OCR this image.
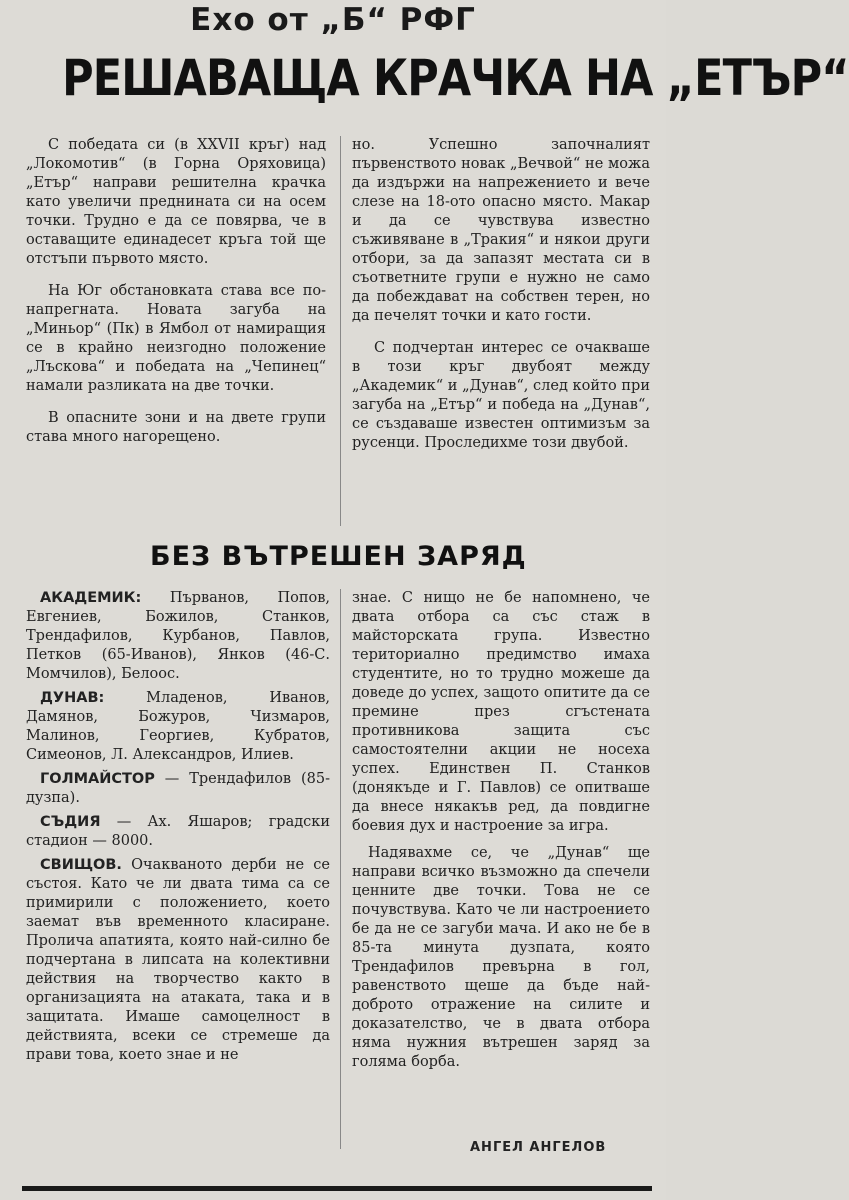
Ехо от „Б“ РФГ
РЕШАВАЩА КРАЧКА НА „ЕТЪР“

С победата си (в XXVII кръг) над „Локомотив“ (в Горна Оряховица) „Етър“ направи решителна крачка като увеличи преднината си на осем точки. Трудно е да се повярва, че в оставащите единадесет кръга той ще отстъпи първото място.

На Юг обстановката става все по-напрегната. Новата загуба на „Миньор“ (Пк) в Ямбол от намиращия се в крайно неизгодно положение „Лъскова“ и победата на „Чепинец“ намали разликата на две точки.

В опасните зони и на двете групи става много нагорещено.

но. Успешно започналият първенството новак „Вечвой“ не можа да издържи на напрежението и вече слезе на 18-ото опасно място. Макар и да се чувствува известно съживяване в „Тракия“ и някои други отбори, за да запазят местата си в съответните групи е нужно не само да побеждават на собствен терен, но да печелят точки и като гости.

С подчертан интерес се очакваше в този кръг двубоят между „Академик“ и „Дунав“, след който при загуба на „Етър“ и победа на „Дунав“, се създаваше известен оптимизъм за русенци. Проследихме този двубой.

БЕЗ ВЪТРЕШЕН ЗАРЯД

АКАДЕМИК: Първанов, Попов, Евгениев, Божилов, Станков, Трендафилов, Курбанов, Павлов, Петков (65-Иванов), Янков (46-С. Момчилов), Белоос.

ДУНАВ: Младенов, Иванов, Дамянов, Божуров, Чизмаров, Малинов, Георгиев, Кубратов, Симеонов, Л. Александров, Илиев.

ГОЛМАЙСТОР — Трендафилов (85-дузпа).

СЪДИЯ — Ах. Яшаров; градски стадион — 8000.

СВИЩОВ. Очакваното дерби не се състоя. Като че ли двата тима са се примирили с положението, което заемат във временното класиране. Пролича апатията, която най-силно бе подчертана в липсата на колективни действия на творчество както в организацията на атаката, така и в защитата. Имаше самоцелност в действията, всеки се стремеше да прави това, което знае и не

знае. С нищо не бе напомнено, че двата отбора са със стаж в майсторската група. Известно териториално предимство имаха студентите, но то трудно можеше да доведе до успех, защото опитите да се премине през сгъстената противникова защита със самостоятелни акции не носеха успех. Единствен П. Станков (донякъде и Г. Павлов) се опитваше да внесе някакъв ред, да повдигне боевия дух и настроение за игра.

Надявахме се, че „Дунав“ ще направи всичко възможно да спечели ценните две точки. Това не се почувствува. Като че ли настроението бе да не се загуби мача. И ако не бе в 85-та минута дузпата, която Трендафилов превърна в гол, равенството щеше да бъде най-доброто отражение на силите и доказателство, че в двата отбора няма нужния вътрешен заряд за голяма борба.

АНГЕЛ АНГЕЛОВ
